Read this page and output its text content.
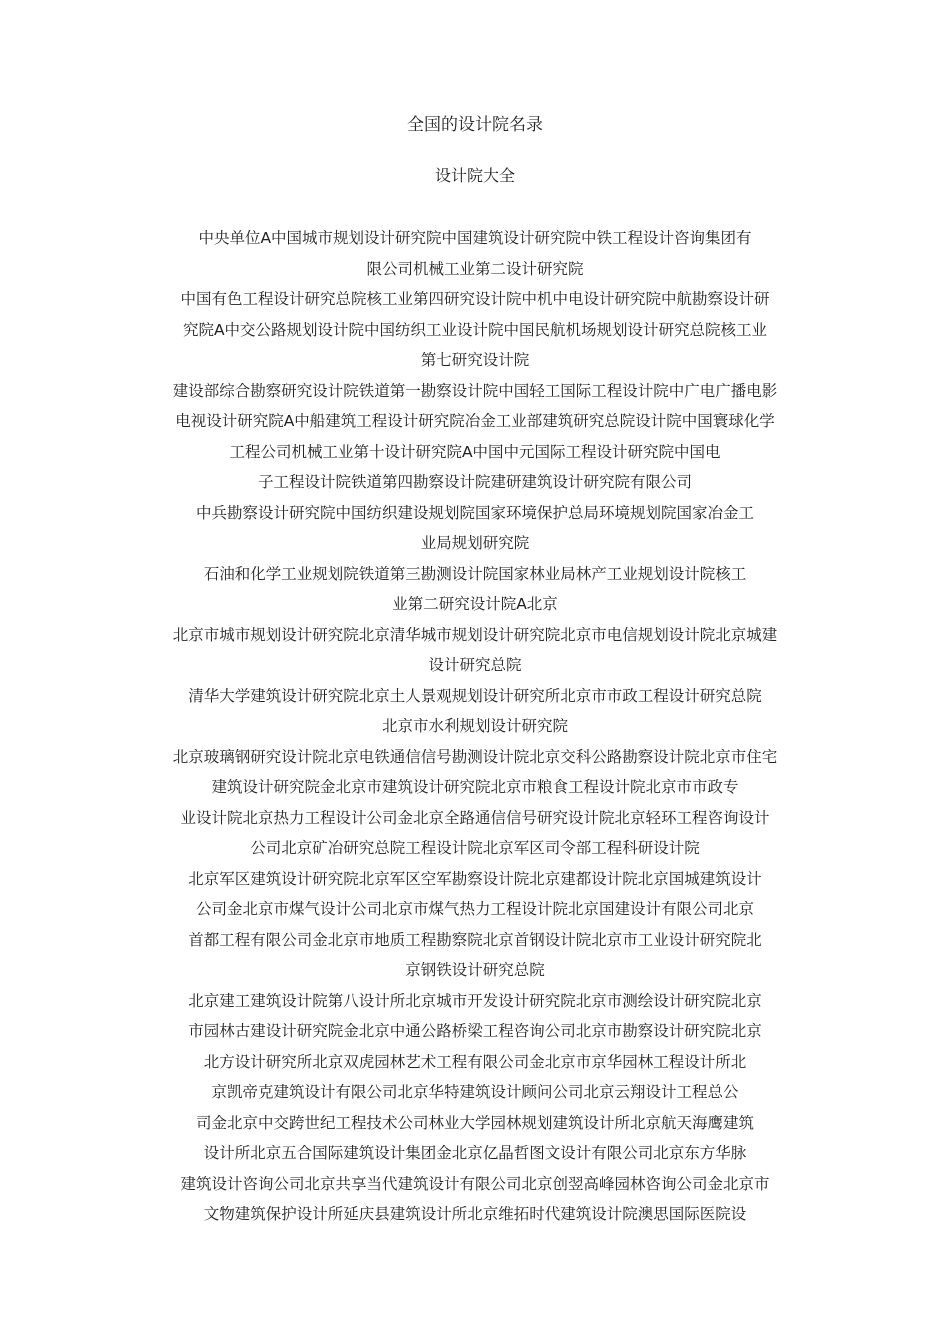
全国的设计院名录
设计院大全
中央单位A中国城市规划设计研究院中国建筑设计研究院中铁工程设计咨询集团有
限公司机械工业第二设计研究院
中国有色工程设计研究总院核工业第四研究设计院中机中电设计研究院中航勘察设计研
究院A中交公路规划设计院中国纺织工业设计院中国民航机场规划设计研究总院核工业
第七研究设计院
建设部综合勘察研究设计院铁道第一勘察设计院中国轻工国际工程设计院中广电广播电影
电视设计研究院A中船建筑工程设计研究院冶金工业部建筑研究总院设计院中国寰球化学
工程公司机械工业第十设计研究院A中国中元国际工程设计研究院中国电
子工程设计院铁道第四勘察设计院建研建筑设计研究院有限公司
中兵勘察设计研究院中国纺织建设规划院国家环境保护总局环境规划院国家冶金工
业局规划研究院
石油和化学工业规划院铁道第三勘测设计院国家林业局林产工业规划设计院核工
业第二研究设计院A北京
北京市城市规划设计研究院北京清华城市规划设计研究院北京市电信规划设计院北京城建
设计研究总院
清华大学建筑设计研究院北京土人景观规划设计研究所北京市市政工程设计研究总院
北京市水利规划设计研究院
北京玻璃钢研究设计院北京电铁通信信号勘测设计院北京交科公路勘察设计院北京市住宅
建筑设计研究院金北京市建筑设计研究院北京市粮食工程设计院北京市市政专
业设计院北京热力工程设计公司金北京全路通信信号研究设计院北京轻环工程咨询设计
公司北京矿冶研究总院工程设计院北京军区司令部工程科研设计院
北京军区建筑设计研究院北京军区空军勘察设计院北京建都设计院北京国城建筑设计
公司金北京市煤气设计公司北京市煤气热力工程设计院北京国建设计有限公司北京
首都工程有限公司金北京市地质工程勘察院北京首钢设计院北京市工业设计研究院北
京钢铁设计研究总院
北京建工建筑设计院第八设计所北京城市开发设计研究院北京市测绘设计研究院北京
市园林古建设计研究院金北京中通公路桥梁工程咨询公司北京市勘察设计研究院北京
北方设计研究所北京双虎园林艺术工程有限公司金北京市京华园林工程设计所北
京凯帝克建筑设计有限公司北京华特建筑设计顾问公司北京云翔设计工程总公
司金北京中交跨世纪工程技术公司林业大学园林规划建筑设计所北京航天海鹰建筑
设计所北京五合国际建筑设计集团金北京亿晶哲图文设计有限公司北京东方华脉
建筑设计咨询公司北京共享当代建筑设计有限公司北京创翌高峰园林咨询公司金北京市
文物建筑保护设计所延庆县建筑设计所北京维拓时代建筑设计院澳思国际医院设
